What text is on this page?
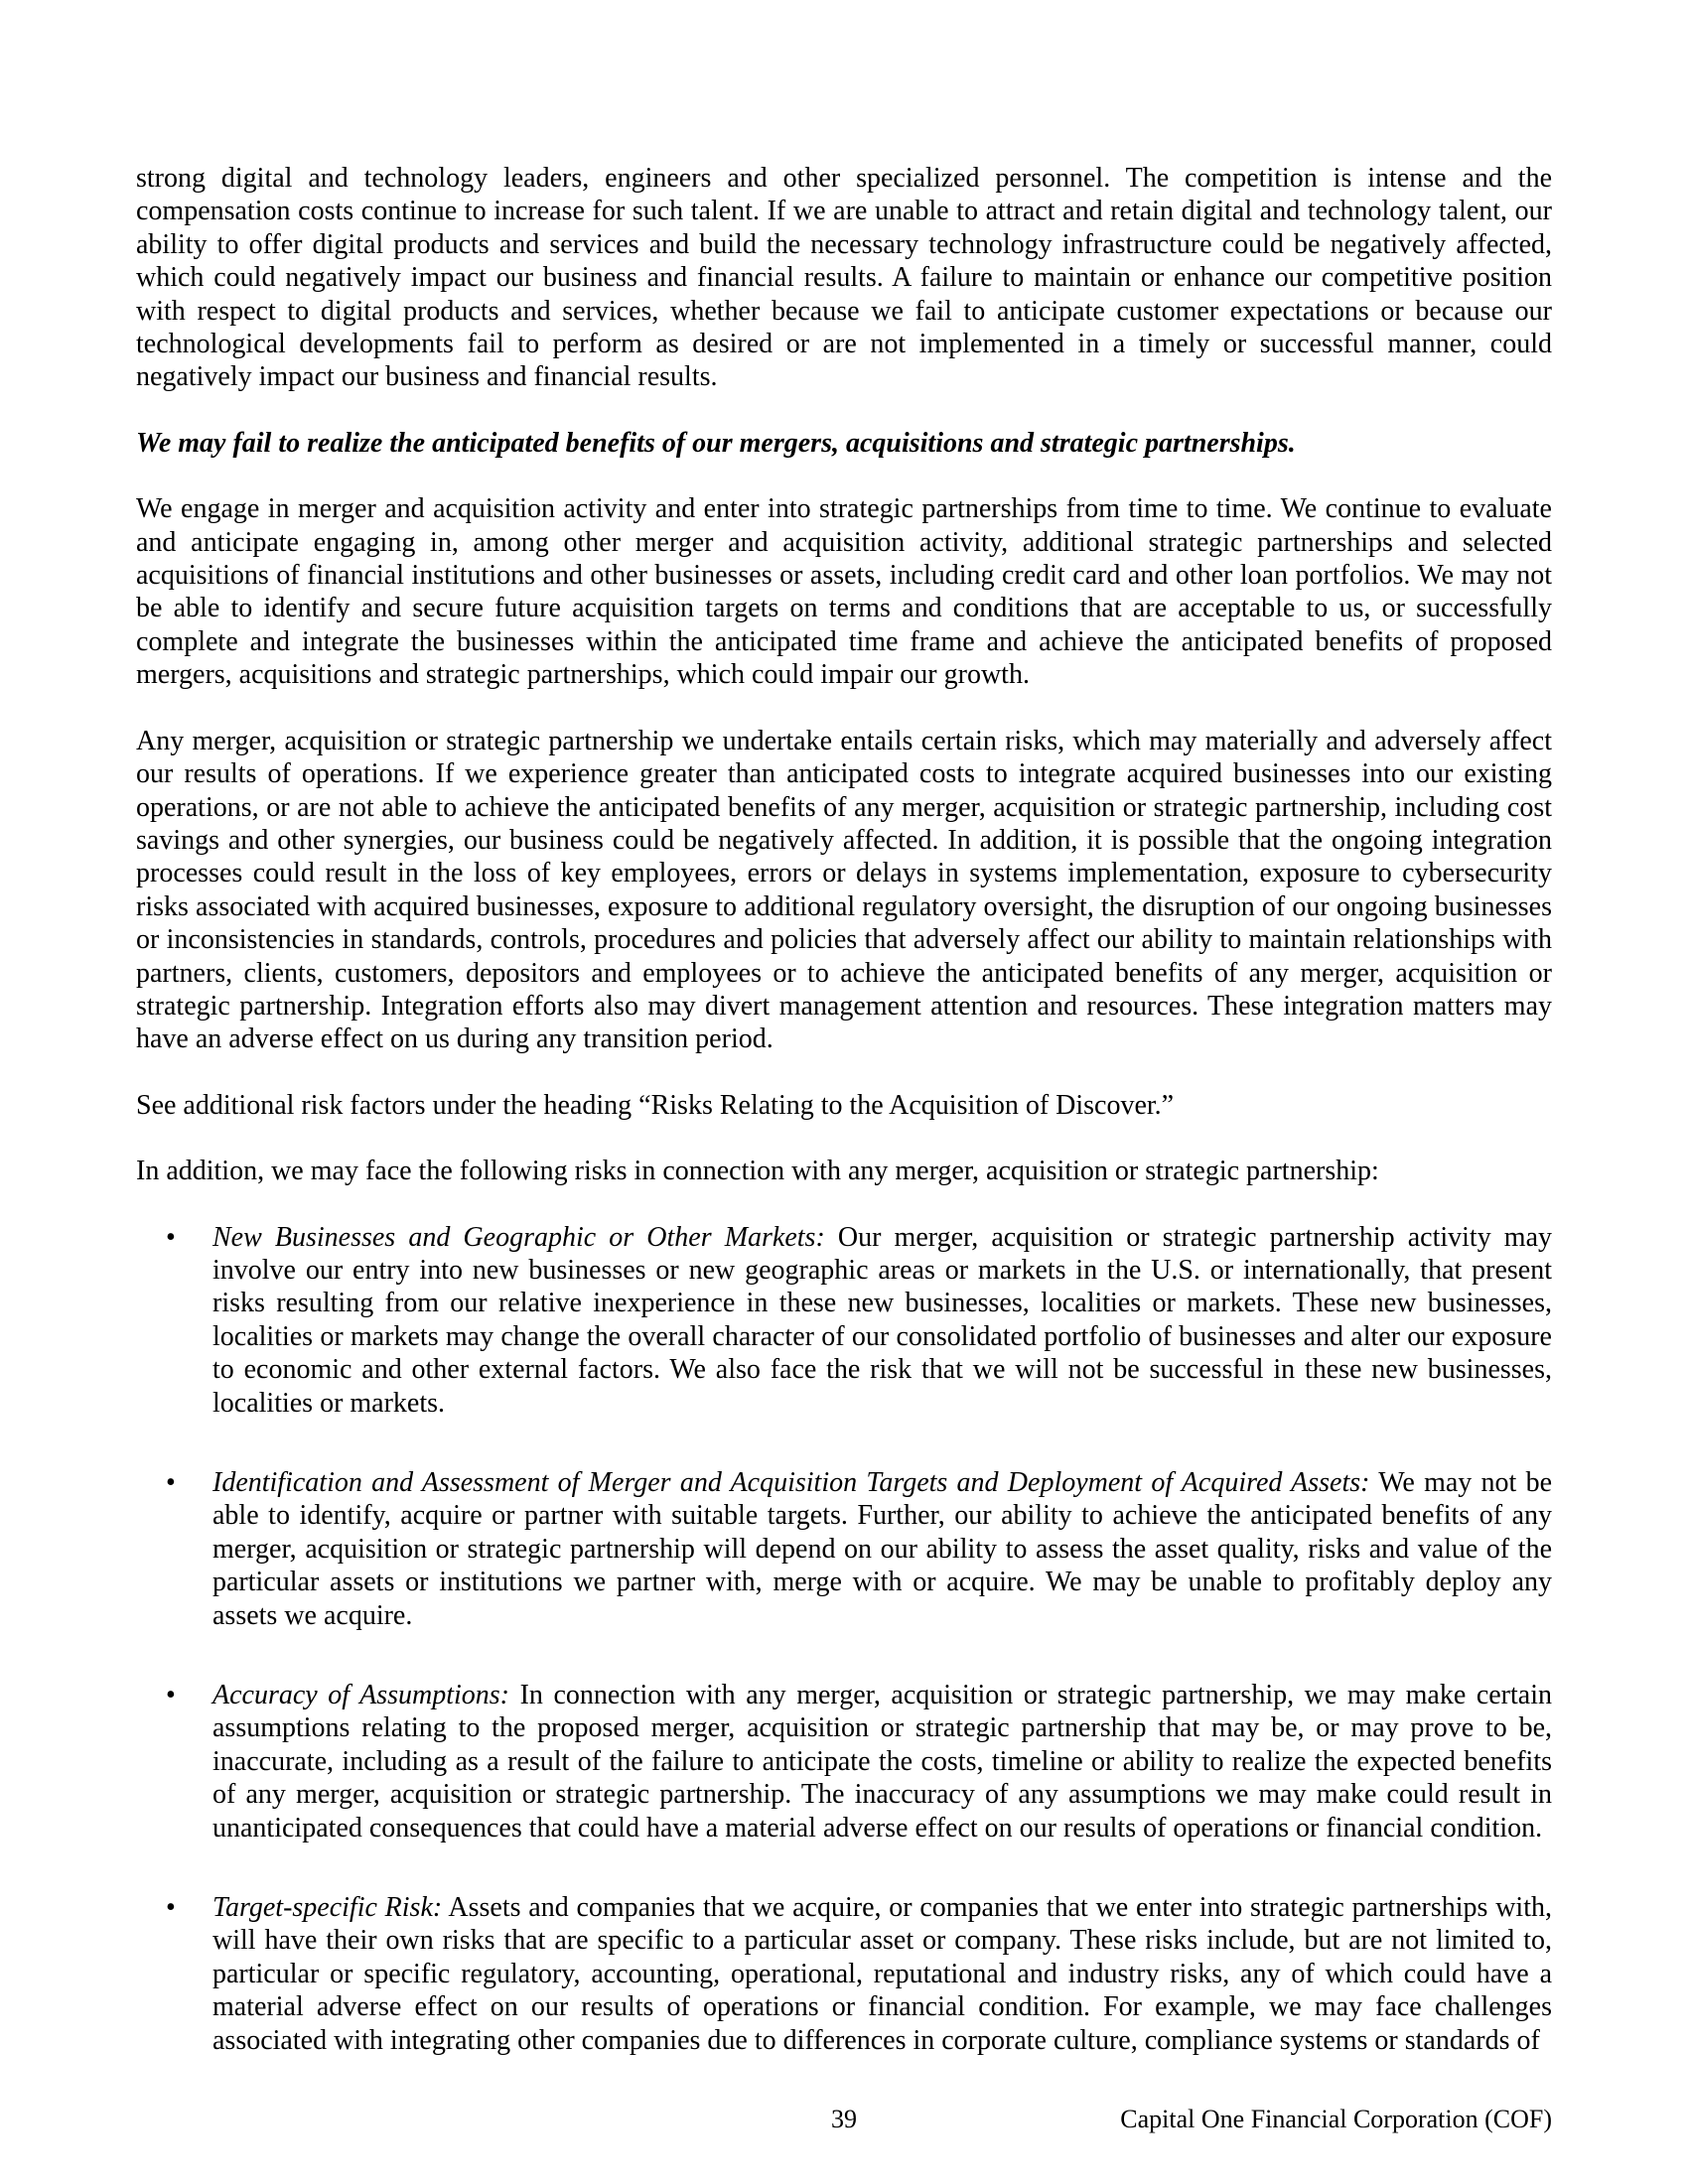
strong digital and technology leaders, engineers and other specialized personnel. The competition is intense and the compensation costs continue to increase for such talent. If we are unable to attract and retain digital and technology talent, our ability to offer digital products and services and build the necessary technology infrastructure could be negatively affected, which could negatively impact our business and financial results. A failure to maintain or enhance our competitive position with respect to digital products and services, whether because we fail to anticipate customer expectations or because our technological developments fail to perform as desired or are not implemented in a timely or successful manner, could negatively impact our business and financial results.

We may fail to realize the anticipated benefits of our mergers, acquisitions and strategic partnerships.

We engage in merger and acquisition activity and enter into strategic partnerships from time to time. We continue to evaluate and anticipate engaging in, among other merger and acquisition activity, additional strategic partnerships and selected acquisitions of financial institutions and other businesses or assets, including credit card and other loan portfolios. We may not be able to identify and secure future acquisition targets on terms and conditions that are acceptable to us, or successfully complete and integrate the businesses within the anticipated time frame and achieve the anticipated benefits of proposed mergers, acquisitions and strategic partnerships, which could impair our growth.

Any merger, acquisition or strategic partnership we undertake entails certain risks, which may materially and adversely affect our results of operations. If we experience greater than anticipated costs to integrate acquired businesses into our existing operations, or are not able to achieve the anticipated benefits of any merger, acquisition or strategic partnership, including cost savings and other synergies, our business could be negatively affected. In addition, it is possible that the ongoing integration processes could result in the loss of key employees, errors or delays in systems implementation, exposure to cybersecurity risks associated with acquired businesses, exposure to additional regulatory oversight, the disruption of our ongoing businesses or inconsistencies in standards, controls, procedures and policies that adversely affect our ability to maintain relationships with partners, clients, customers, depositors and employees or to achieve the anticipated benefits of any merger, acquisition or strategic partnership. Integration efforts also may divert management attention and resources. These integration matters may have an adverse effect on us during any transition period.

See additional risk factors under the heading “Risks Relating to the Acquisition of Discover.”

In addition, we may face the following risks in connection with any merger, acquisition or strategic partnership:

• New Businesses and Geographic or Other Markets: Our merger, acquisition or strategic partnership activity may involve our entry into new businesses or new geographic areas or markets in the U.S. or internationally, that present risks resulting from our relative inexperience in these new businesses, localities or markets. These new businesses, localities or markets may change the overall character of our consolidated portfolio of businesses and alter our exposure to economic and other external factors. We also face the risk that we will not be successful in these new businesses, localities or markets.
• Identification and Assessment of Merger and Acquisition Targets and Deployment of Acquired Assets: We may not be able to identify, acquire or partner with suitable targets. Further, our ability to achieve the anticipated benefits of any merger, acquisition or strategic partnership will depend on our ability to assess the asset quality, risks and value of the particular assets or institutions we partner with, merge with or acquire. We may be unable to profitably deploy any assets we acquire.
• Accuracy of Assumptions: In connection with any merger, acquisition or strategic partnership, we may make certain assumptions relating to the proposed merger, acquisition or strategic partnership that may be, or may prove to be, inaccurate, including as a result of the failure to anticipate the costs, timeline or ability to realize the expected benefits of any merger, acquisition or strategic partnership. The inaccuracy of any assumptions we may make could result in unanticipated consequences that could have a material adverse effect on our results of operations or financial condition.
• Target-specific Risk: Assets and companies that we acquire, or companies that we enter into strategic partnerships with, will have their own risks that are specific to a particular asset or company. These risks include, but are not limited to, particular or specific regulatory, accounting, operational, reputational and industry risks, any of which could have a material adverse effect on our results of operations or financial condition. For example, we may face challenges associated with integrating other companies due to differences in corporate culture, compliance systems or standards of
39	Capital One Financial Corporation (COF)
